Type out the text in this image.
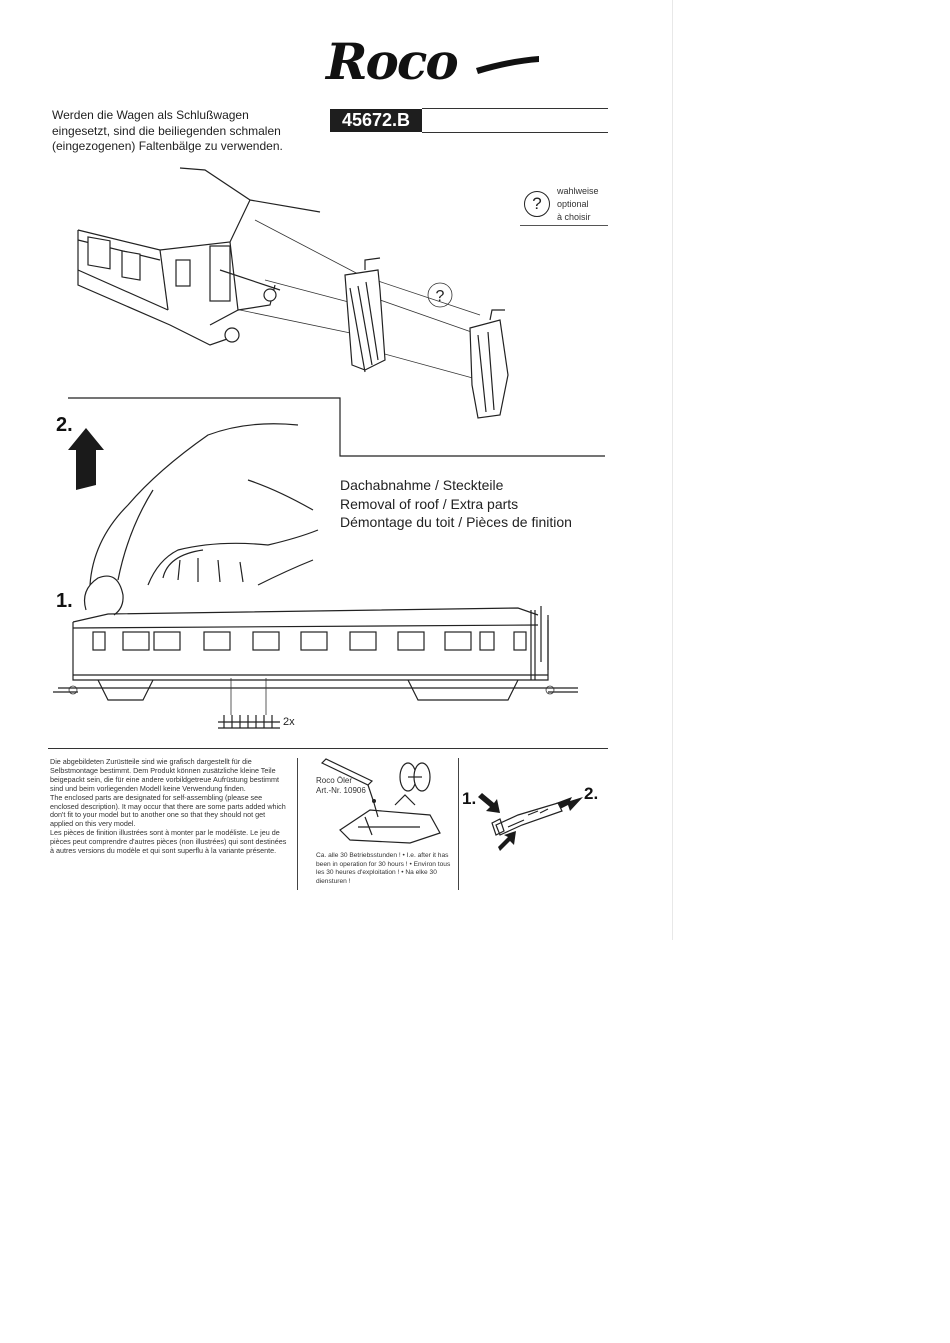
Roco
45672.B
Werden die Wagen als Schlußwagen
eingesetzt, sind die beiliegenden schmalen
(eingezogenen) Faltenbälge zu verwenden.
?
wahlweise
optional
à choisir
?
2x
2.
1.
Dachabnahme / Steckteile
Removal of roof / Extra parts
Démontage du toit / Pièces de finition

Die abgebildeten Zurüstteile sind wie grafisch dargestellt für die Selbstmontage bestimmt. Dem Produkt können zusätzliche kleine Teile beigepackt sein, die für eine andere vorbildgetreue Aufrüstung bestimmt sind und beim vorliegenden Modell keine Verwendung finden.

The enclosed parts are designated for self-assembling (please see enclosed description). It may occur that there are some parts added which don't fit to your model but to another one so that they should not get applied on this very model.

Les pièces de finition illustrées sont à monter par le modéliste. Le jeu de pièces peut comprendre d'autres pièces (non illustrées) qui sont destinées à autres versions du modèle et qui sont superflu à la variante présente.

Roco Öler
Art.-Nr. 10906
Ca. alle 30 Betriebsstunden ! • I.e. after it has been in operation for 30 hours ! • Environ tous les 30 heures d'exploitation ! • Na elke 30 diensturen !
1.	2.
